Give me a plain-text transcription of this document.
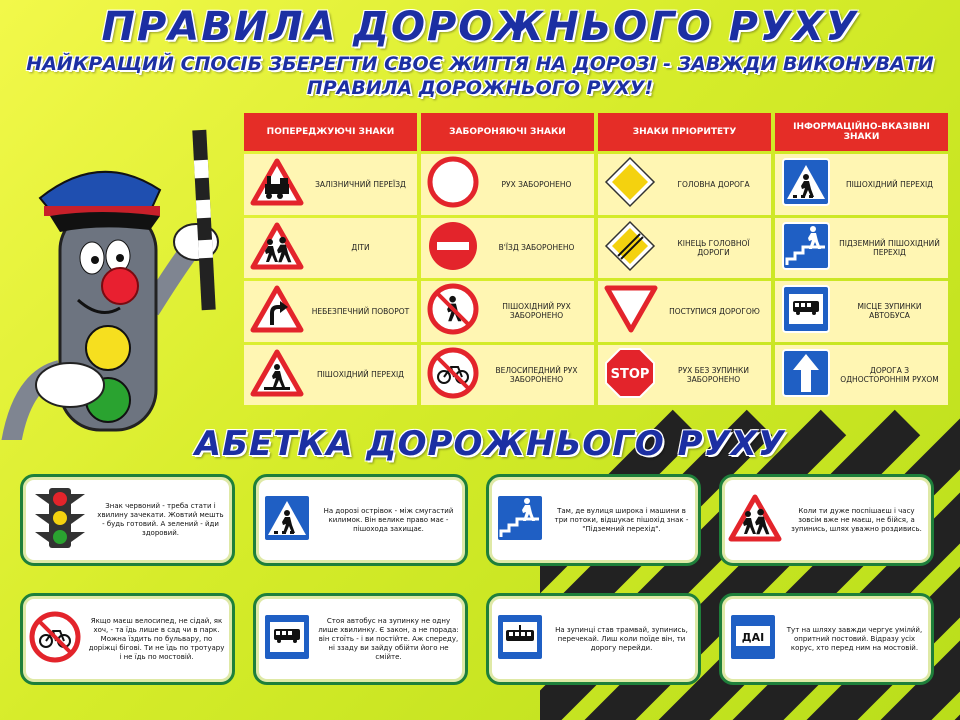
ПРАВИЛА ДОРОЖНЬОГО РУХУ
НАЙКРАЩИЙ СПОСІБ ЗБЕРЕГТИ СВОЄ ЖИТТЯ НА ДОРОЗІ - ЗАВЖДИ ВИКОНУВАТИ ПРАВИЛА ДОРОЖНЬОГО РУХУ!
ПОПЕРЕДЖУЮЧІ ЗНАКИ
ЗАЛІЗНИЧНИЙ ПЕРЕЇЗД
ДІТИ
НЕБЕЗПЕЧНИЙ ПОВОРОТ
ПІШОХІДНИЙ ПЕРЕХІД
ЗАБОРОНЯЮЧІ ЗНАКИ
РУХ ЗАБОРОНЕНО
В'ЇЗД ЗАБОРОНЕНО
ПІШОХІДНИЙ РУХ ЗАБОРОНЕНО
ВЕЛОСИПЕДНИЙ РУХ ЗАБОРОНЕНО
ЗНАКИ ПРІОРИТЕТУ
ГОЛОВНА ДОРОГА
КІНЕЦЬ ГОЛОВНОЇ ДОРОГИ
ПОСТУПИСЯ ДОРОГОЮ
STOP	РУХ БЕЗ ЗУПИНКИ ЗАБОРОНЕНО
ІНФОРМАЦІЙНО-ВКАЗІВНІ ЗНАКИ
ПІШОХІДНИЙ ПЕРЕХІД
ПІДЗЕМНИЙ ПІШОХІДНИЙ ПЕРЕХІД
МІСЦЕ ЗУПИНКИ АВТОБУСА
ДОРОГА З ОДНОСТОРОННІМ РУХОМ
АБЕТКА ДОРОЖНЬОГО РУХУ
Знак червоний - треба стати і хвилину зачекати. Жовтий мешть - будь готовий. А зелений - йди здоровий.
На дорозі острівок - між смугастий килимок. Він велике право має - пішохода захищає.
Там, де вулиця широка і машини в три потоки, відшукає пішохід знак - "Підземний перехід".
Коли ти дуже поспішаєш і часу зовсім вже не маєш, не бійся, а зупинись, шлях уважно роздивись.
Якщо маєш велосипед, не сідай, як хоч, - та їдь лише в сад чи в парк. Можна їздить по бульвару, по доріжці бігові. Ти не їдь по тротуару і не їдь по мостовій.
Стоя автобус на зупинку не одну лише хвилинку. Є закон, а не порада: він стоїть - і ви постійте. Аж спереду, ні ззаду ви зайду обійти його не смійте.
На зупинці став трамвай, зупинись, перечекай. Лиш коли поїде він, ти дорогу перейди.
ДАІ
Тут на шляху завжди чергує уміли́й, опритний постовий. Відразу усіх корус, хто перед ним на мостовій.
